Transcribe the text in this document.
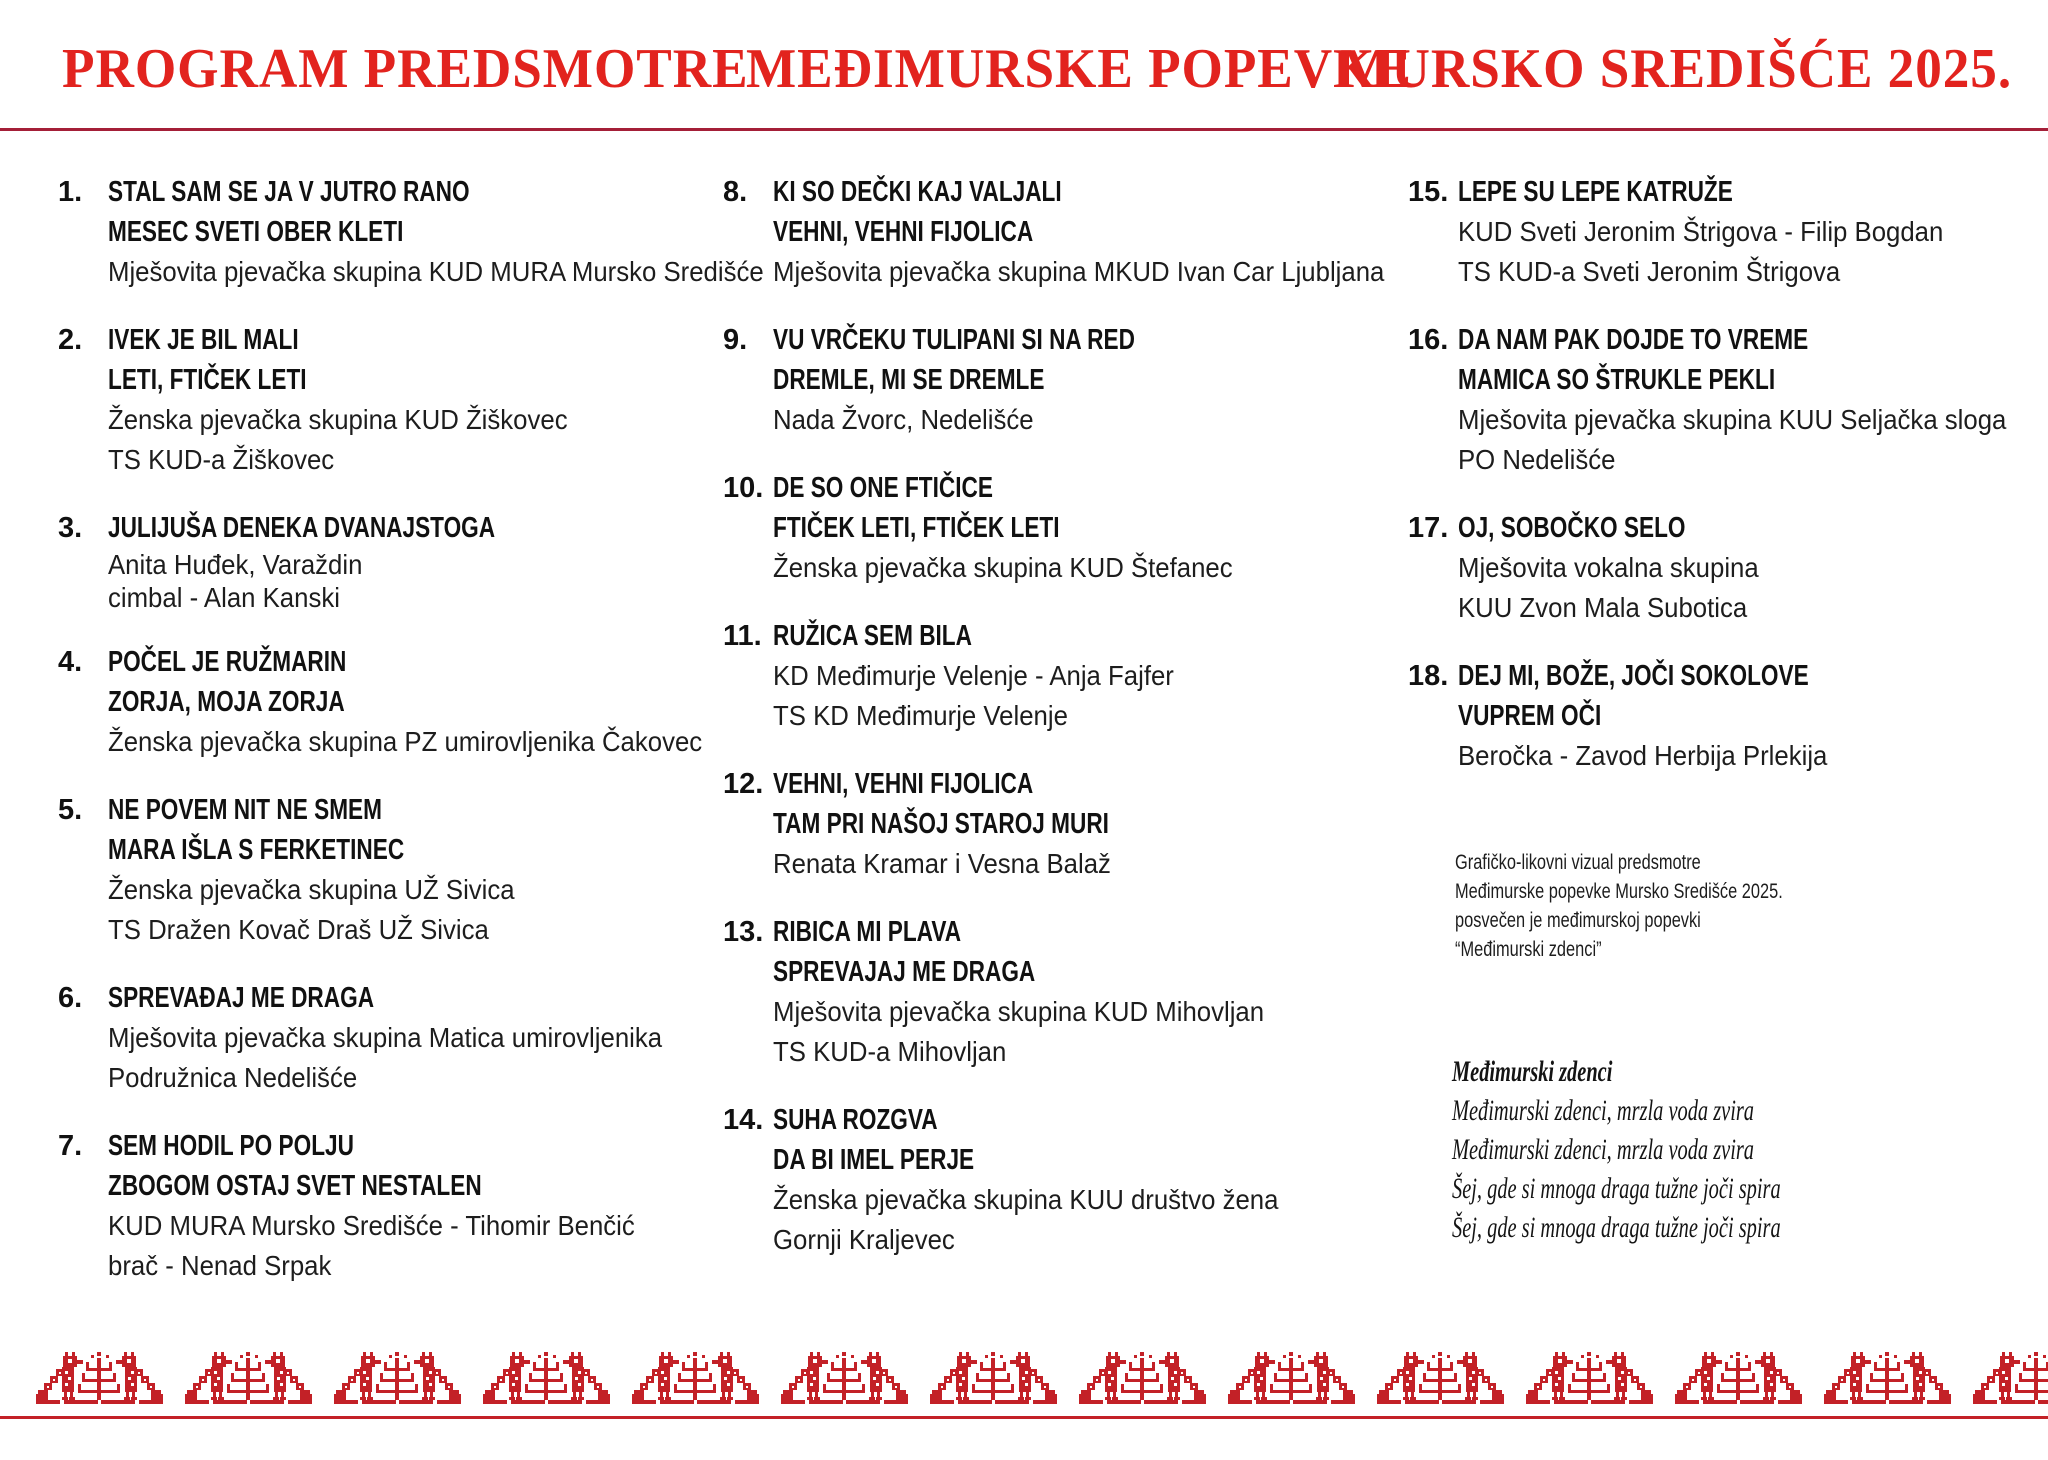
PROGRAM PREDSMOTRE
MEĐIMURSKE POPEVKE
MURSKO SREDIŠĆE 2025.
1. STAL SAM SE JA V JUTRO RANO
MESEC SVETI OBER KLETI
Mješovita pjevačka skupina KUD MURA Mursko Središće
2. IVEK JE BIL MALI
LETI, FTIČEK LETI
Ženska pjevačka skupina KUD Žiškovec
TS KUD-a Žiškovec
3. JULIJUŠA DENEKA DVANAJSTOGA
Anita Huđek, Varaždin
cimbal - Alan Kanski
4. POČEL JE RUŽMARIN
ZORJA, MOJA ZORJA
Ženska pjevačka skupina PZ umirovljenika Čakovec
5. NE POVEM NIT NE SMEM
MARA IŠLA S FERKETINEC
Ženska pjevačka skupina UŽ Sivica
TS Dražen Kovač Draš UŽ Sivica
6. SPREVAĐAJ ME DRAGA
Mješovita pjevačka skupina Matica umirovljenika
Podružnica Nedelišće
7. SEM HODIL PO POLJU
ZBOGOM OSTAJ SVET NESTALEN
KUD MURA Mursko Središće - Tihomir Benčić
brač - Nenad Srpak
8. KI SO DEČKI KAJ VALJALI
VEHNI, VEHNI FIJOLICA
Mješovita pjevačka skupina MKUD Ivan Car Ljubljana
9. VU VRČEKU TULIPANI SI NA RED
DREMLE, MI SE DREMLE
Nada Žvorc, Nedelišće
10. DE SO ONE FTIČICE
FTIČEK LETI, FTIČEK LETI
Ženska pjevačka skupina KUD Štefanec
11. RUŽICA SEM BILA
KD Međimurje Velenje - Anja Fajfer
TS KD Međimurje Velenje
12. VEHNI, VEHNI FIJOLICA
TAM PRI NAŠOJ STAROJ MURI
Renata Kramar i Vesna Balaž
13. RIBICA MI PLAVA
SPREVAJAJ ME DRAGA
Mješovita pjevačka skupina KUD Mihovljan
TS KUD-a Mihovljan
14. SUHA ROZGVA
DA BI IMEL PERJE
Ženska pjevačka skupina KUU društvo žena
Gornji Kraljevec
15. LEPE SU LEPE KATRUŽE
KUD Sveti Jeronim Štrigova - Filip Bogdan
TS KUD-a Sveti Jeronim Štrigova
16. DA NAM PAK DOJDE TO VREME
MAMICA SO ŠTRUKLE PEKLI
Mješovita pjevačka skupina KUU Seljačka sloga
PO Nedelišće
17. OJ, SOBOČKO SELO
Mješovita vokalna skupina
KUU Zvon Mala Subotica
18. DEJ MI, BOŽE, JOČI SOKOLOVE
VUPREM OČI
Beročka - Zavod Herbija Prlekija
Grafičko-likovni vizual predsmotre
Međimurske popevke Mursko Središće 2025.
posvečen je međimurskoj popevki
“Međimurski zdenci”
Međimurski zdenci
Međimurski zdenci, mrzla voda zvira
Međimurski zdenci, mrzla voda zvira
Šej, gde si mnoga draga tužne joči spira
Šej, gde si mnoga draga tužne joči spira
